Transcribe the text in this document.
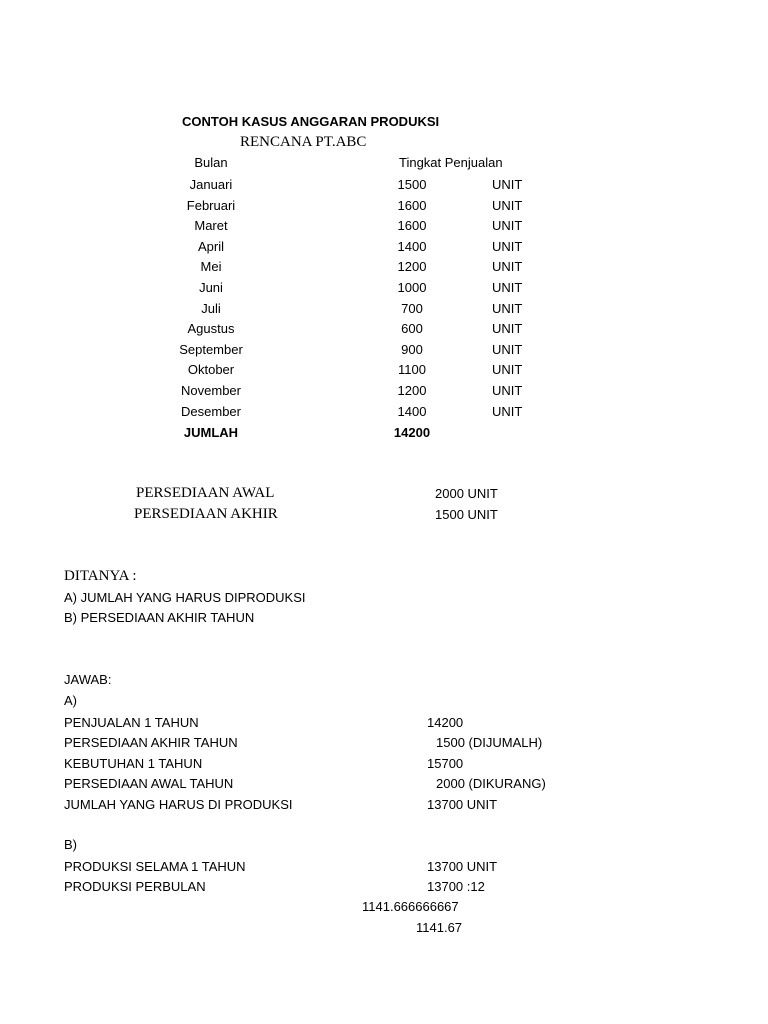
CONTOH KASUS ANGGARAN PRODUKSI
RENCANA PT.ABC
Bulan	Tingkat Penjualan
Januari	1500	UNIT
Februari	1600	UNIT
Maret	1600	UNIT
April	1400	UNIT
Mei	1200	UNIT
Juni	1000	UNIT
Juli	700	UNIT
Agustus	600	UNIT
September	900	UNIT
Oktober	1100	UNIT
November	1200	UNIT
Desember	1400	UNIT
JUMLAH	14200
PERSEDIAAN AWAL	2000 UNIT
PERSEDIAAN AKHIR	1500 UNIT
DITANYA :
A) JUMLAH YANG HARUS DIPRODUKSI
B) PERSEDIAAN AKHIR TAHUN
JAWAB:
A)
PENJUALAN 1 TAHUN	14200
PERSEDIAAN AKHIR TAHUN	1500 (DIJUMALH)
KEBUTUHAN 1 TAHUN	15700
PERSEDIAAN AWAL TAHUN	2000 (DIKURANG)
JUMLAH YANG HARUS DI PRODUKSI	13700 UNIT
B)
PRODUKSI SELAMA 1 TAHUN	13700 UNIT
PRODUKSI PERBULAN	13700 :12
1141.666666667
1141.67
